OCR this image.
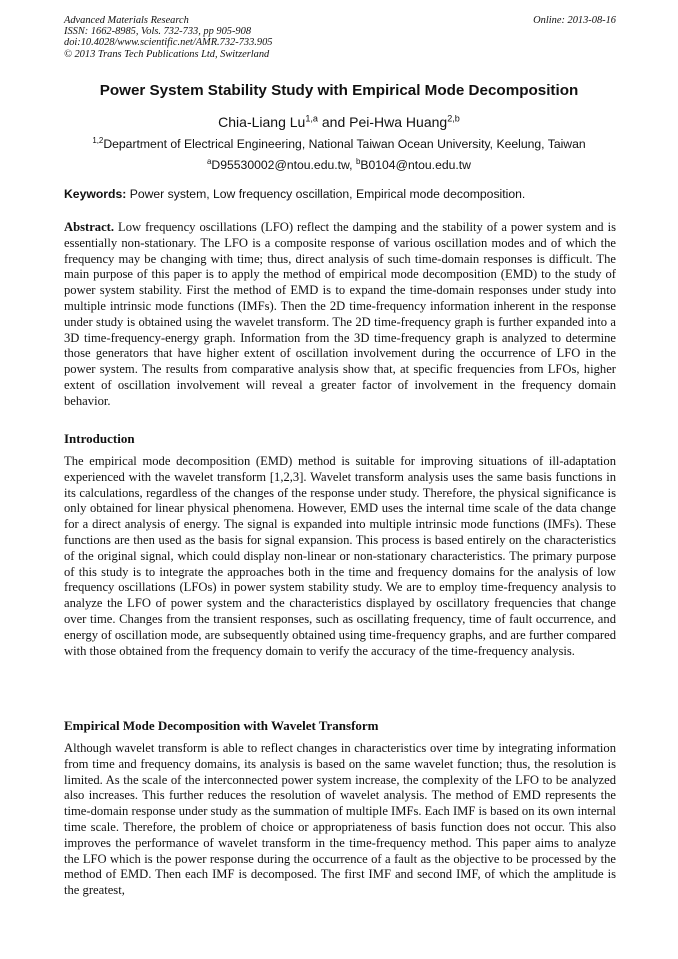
Advanced Materials Research
ISSN: 1662-8985, Vols. 732-733, pp 905-908
doi:10.4028/www.scientific.net/AMR.732-733.905
© 2013 Trans Tech Publications Ltd, Switzerland
Online: 2013-08-16
Power System Stability Study with Empirical Mode Decomposition
Chia-Liang Lu$^{1,a}$ and Pei-Hwa Huang$^{2,b}$
$^{1,2}$Department of Electrical Engineering, National Taiwan Ocean University, Keelung, Taiwan
$^a$D95530002@ntou.edu.tw, $^b$B0104@ntou.edu.tw
Keywords: Power system, Low frequency oscillation, Empirical mode decomposition.
Abstract. Low frequency oscillations (LFO) reflect the damping and the stability of a power system and is essentially non-stationary. The LFO is a composite response of various oscillation modes and of which the frequency may be changing with time; thus, direct analysis of such time-domain responses is difficult. The main purpose of this paper is to apply the method of empirical mode decomposition (EMD) to the study of power system stability. First the method of EMD is to expand the time-domain responses under study into multiple intrinsic mode functions (IMFs). Then the 2D time-frequency information inherent in the response under study is obtained using the wavelet transform. The 2D time-frequency graph is further expanded into a 3D time-frequency-energy graph. Information from the 3D time-frequency graph is analyzed to determine those generators that have higher extent of oscillation involvement during the occurrence of LFO in the power system. The results from comparative analysis show that, at specific frequencies from LFOs, higher extent of oscillation involvement will reveal a greater factor of involvement in the frequency domain behavior.
Introduction
The empirical mode decomposition (EMD) method is suitable for improving situations of ill-adaptation experienced with the wavelet transform [1,2,3]. Wavelet transform analysis uses the same basis functions in its calculations, regardless of the changes of the response under study. Therefore, the physical significance is only obtained for linear physical phenomena. However, EMD uses the internal time scale of the data change for a direct analysis of energy. The signal is expanded into multiple intrinsic mode functions (IMFs). These functions are then used as the basis for signal expansion. This process is based entirely on the characteristics of the original signal, which could display non-linear or non-stationary characteristics. The primary purpose of this study is to integrate the approaches both in the time and frequency domains for the analysis of low frequency oscillations (LFOs) in power system stability study. We are to employ time-frequency analysis to analyze the LFO of power system and the characteristics displayed by oscillatory frequencies that change over time. Changes from the transient responses, such as oscillating frequency, time of fault occurrence, and energy of oscillation mode, are subsequently obtained using time-frequency graphs, and are further compared with those obtained from the frequency domain to verify the accuracy of the time-frequency analysis.
Empirical Mode Decomposition with Wavelet Transform
Although wavelet transform is able to reflect changes in characteristics over time by integrating information from time and frequency domains, its analysis is based on the same wavelet function; thus, the resolution is limited. As the scale of the interconnected power system increase, the complexity of the LFO to be analyzed also increases. This further reduces the resolution of wavelet analysis. The method of EMD represents the time-domain response under study as the summation of multiple IMFs. Each IMF is based on its own internal time scale. Therefore, the problem of choice or appropriateness of basis function does not occur. This also improves the performance of wavelet transform in the time-frequency method. This paper aims to analyze the LFO which is the power response during the occurrence of a fault as the objective to be processed by the method of EMD. Then each IMF is decomposed. The first IMF and second IMF, of which the amplitude is the greatest,
